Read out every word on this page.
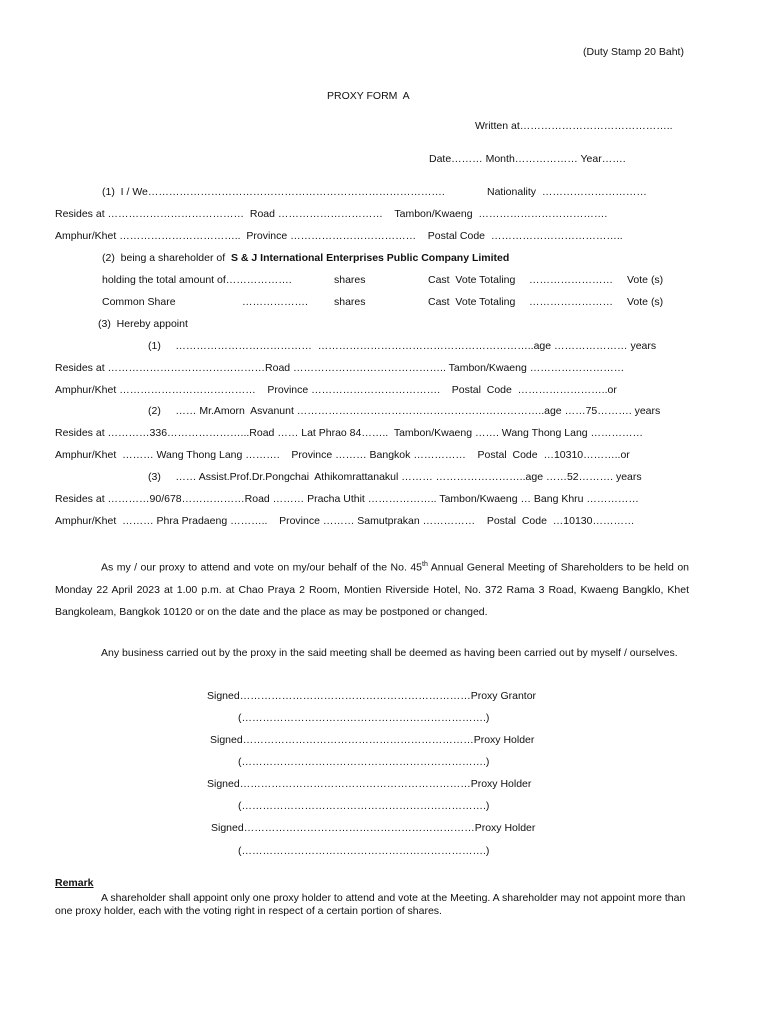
(Duty Stamp 20 Baht)
PROXY FORM  A
Written at……………………………………..
Date……… Month……………… Year…….
(1)  I / We………………………………………………………………………….	Nationality  …………………………
Resides at …………………………………  Road …………………………    Tambon/Kwaeng  ……………………………….
Amphur/Khet ……………………………..  Province ………………………………    Postal Code  ………………………………..
(2)  being a shareholder of  S & J International Enterprises Public Company Limited
holding the total amount of……………….	shares	Cast  Vote Totaling …………………… Vote (s)
Common Share	………………. shares	Cast  Vote Totaling …………………… Vote (s)
(3)  Hereby appoint
(1)     …………………………………  ……………………………………………………..age ………………… years
Resides at ………………………………………Road …………………………………….. Tambon/Kwaeng ………………………
Amphur/Khet …………………………………    Province ……………………………….    Postal  Code  ……………………..or
(2)     …… Mr.Amorn  Asvanunt ……………………………………………………………..age ……75………. years
Resides at …………336…………………...Road …… Lat Phrao 84……..  Tambon/Kwaeng ……. Wang Thong Lang ……………
Amphur/Khet  ……… Wang Thong Lang ……….    Province ……… Bangkok ……………    Postal  Code  …10310………..or
(3)     …… Assist.Prof.Dr.Pongchai  Athikomrattanakul ……… ……………………..age ……52………. years
Resides at …………90/678………………Road ……… Pracha Uthit ……………….. Tambon/Kwaeng … Bang Khru ……………
Amphur/Khet  ……… Phra Pradaeng ………..    Province ……… Samutprakan ……………    Postal  Code  …10130…………
As my / our proxy to attend and vote on my/our behalf of the No. 45th Annual General Meeting of Shareholders to be held on Monday 22 April 2023 at 1.00 p.m. at Chao Praya 2 Room, Montien Riverside Hotel, No. 372 Rama 3 Road, Kwaeng Bangklo, Khet Bangkoleam, Bangkok 10120 or on the date and the place as may be postponed or changed.
Any business carried out by the proxy in the said meeting shall be deemed as having been carried out by myself / ourselves.
Signed…………………………………………………………Proxy Grantor
(…………………………………………………………….)
Signed…………………………………………………………Proxy Holder
(…………………………………………………………….)
Signed…………………………………………………………Proxy Holder
(…………………………………………………………….)
Signed…………………………………………………………Proxy Holder
(…………………………………………………………….)
Remark
A shareholder shall appoint only one proxy holder to attend and vote at the Meeting. A shareholder may not appoint more than one proxy holder, each with the voting right in respect of a certain portion of shares.
